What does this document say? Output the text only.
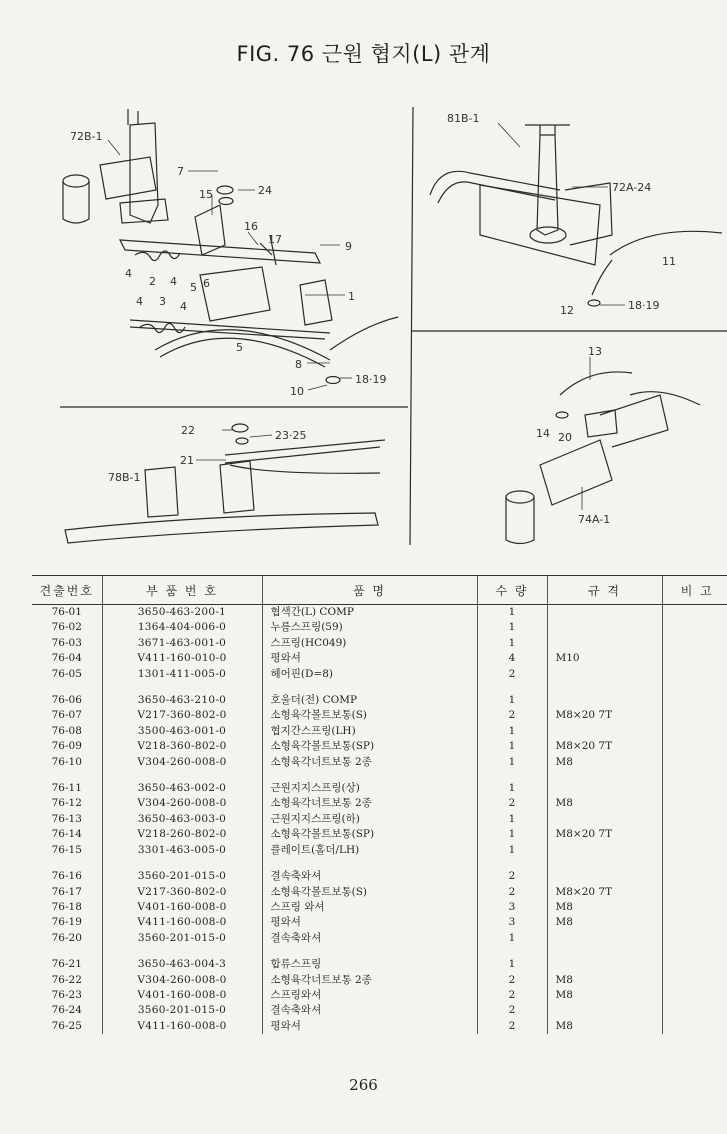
FIG. 76 근원 협지(L) 관계
72B-1
7
15	24
16
17
9
4
2 4 5 6
1
4 3 4
5
8
10
18·19
81B-1
72A-24
11
12	18·19
22	23·25
21
78B-1
13
14 20
74A-1
견출번호	부 품 번 호	품 명	수 량	규 격	비 고
76-01	3650-463-200-1	협색간(L) COMP	1		
76-02	1364-404-006-0	누름스프링(59)	1		
76-03	3671-463-001-0	스프링(HC049)	1		
76-04	V411-160-010-0	평와셔	4	M10	
76-05	1301-411-005-0	헤어핀(D=8)	2		

76-06	3650-463-210-0	호울더(전) COMP	1		
76-07	V217-360-802-0	소형육각볼트보통(S)	2	M8×20 7T	
76-08	3500-463-001-0	협지간스프링(LH)	1		
76-09	V218-360-802-0	소형육각볼트보통(SP)	1	M8×20 7T	
76-10	V304-260-008-0	소형육각너트보통 2종	1	M8	

76-11	3650-463-002-0	근원지지스프링(상)	1		
76-12	V304-260-008-0	소형육각너트보통 2종	2	M8	
76-13	3650-463-003-0	근원지지스프링(하)	1		
76-14	V218-260-802-0	소형육각볼트보통(SP)	1	M8×20 7T	
76-15	3301-463-005-0	플레이트(홀더/LH)	1		

76-16	3560-201-015-0	결속축와셔	2		
76-17	V217-360-802-0	소형육각볼트보통(S)	2	M8×20 7T	
76-18	V401-160-008-0	스프링 와셔	3	M8	
76-19	V411-160-008-0	평와셔	3	M8	
76-20	3560-201-015-0	결속축와셔	1		

76-21	3650-463-004-3	합류스프링	1		
76-22	V304-260-008-0	소형육각너트보통 2종	2	M8	
76-23	V401-160-008-0	스프링와셔	2	M8	
76-24	3560-201-015-0	결속축와셔	2		
76-25	V411-160-008-0	평와셔	2	M8	
266
